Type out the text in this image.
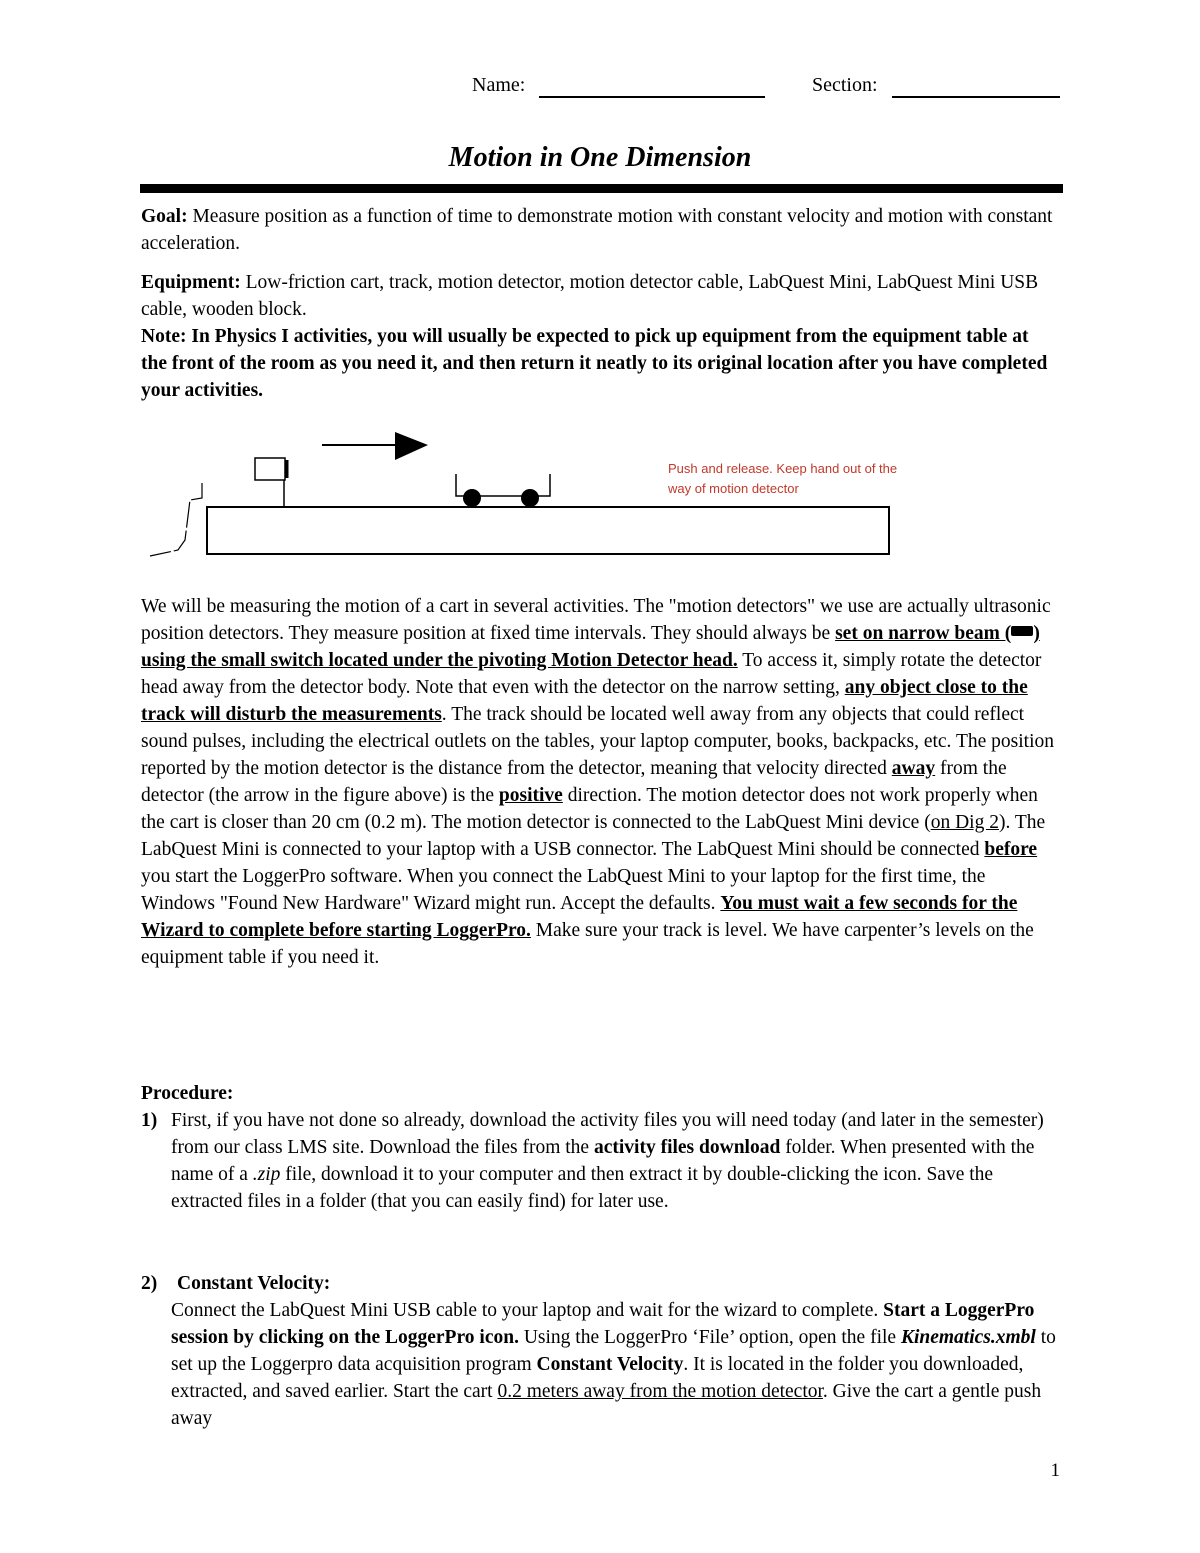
Name:	Section:
Motion in One Dimension

Goal: Measure position as a function of time to demonstrate motion with constant velocity and motion with constant acceleration.

Equipment: Low-friction cart, track, motion detector, motion detector cable, LabQuest Mini, LabQuest Mini USB cable, wooden block.

Note: In Physics I activities, you will usually be expected to pick up equipment from the equipment table at the front of the room as you need it, and then return it neatly to its original location after you have completed your activities.

Push and release. Keep hand out of the way of motion detector

We will be measuring the motion of a cart in several activities. The "motion detectors" we use are actually ultrasonic position detectors. They measure position at fixed time intervals. They should always be set on narrow beam ( ) using the small switch located under the pivoting Motion Detector head. To access it, simply rotate the detector head away from the detector body. Note that even with the detector on the narrow setting, any object close to the track will disturb the measurements. The track should be located well away from any objects that could reflect sound pulses, including the electrical outlets on the tables, your laptop computer, books, backpacks, etc. The position reported by the motion detector is the distance from the detector, meaning that velocity directed away from the detector (the arrow in the figure above) is the positive direction. The motion detector does not work properly when the cart is closer than 20 cm (0.2 m). The motion detector is connected to the LabQuest Mini device (on Dig 2). The LabQuest Mini is connected to your laptop with a USB connector. The LabQuest Mini should be connected before you start the LoggerPro software. When you connect the LabQuest Mini to your laptop for the first time, the Windows "Found New Hardware" Wizard might run. Accept the defaults. You must wait a few seconds for the Wizard to complete before starting LoggerPro. Make sure your track is level. We have carpenter’s levels on the equipment table if you need it.

Procedure:

1) First, if you have not done so already, download the activity files you will need today (and later in the semester) from our class LMS site. Download the files from the activity files download folder. When presented with the name of a .zip file, download it to your computer and then extract it by double-clicking the icon. Save the extracted files in a folder (that you can easily find) for later use.
2) Constant Velocity:
Connect the LabQuest Mini USB cable to your laptop and wait for the wizard to complete. Start a LoggerPro session by clicking on the LoggerPro icon. Using the LoggerPro ‘File’ option, open the file Kinematics.xmbl to set up the Loggerpro data acquisition program Constant Velocity. It is located in the folder you downloaded, extracted, and saved earlier. Start the cart 0.2 meters away from the motion detector. Give the cart a gentle push away
1
